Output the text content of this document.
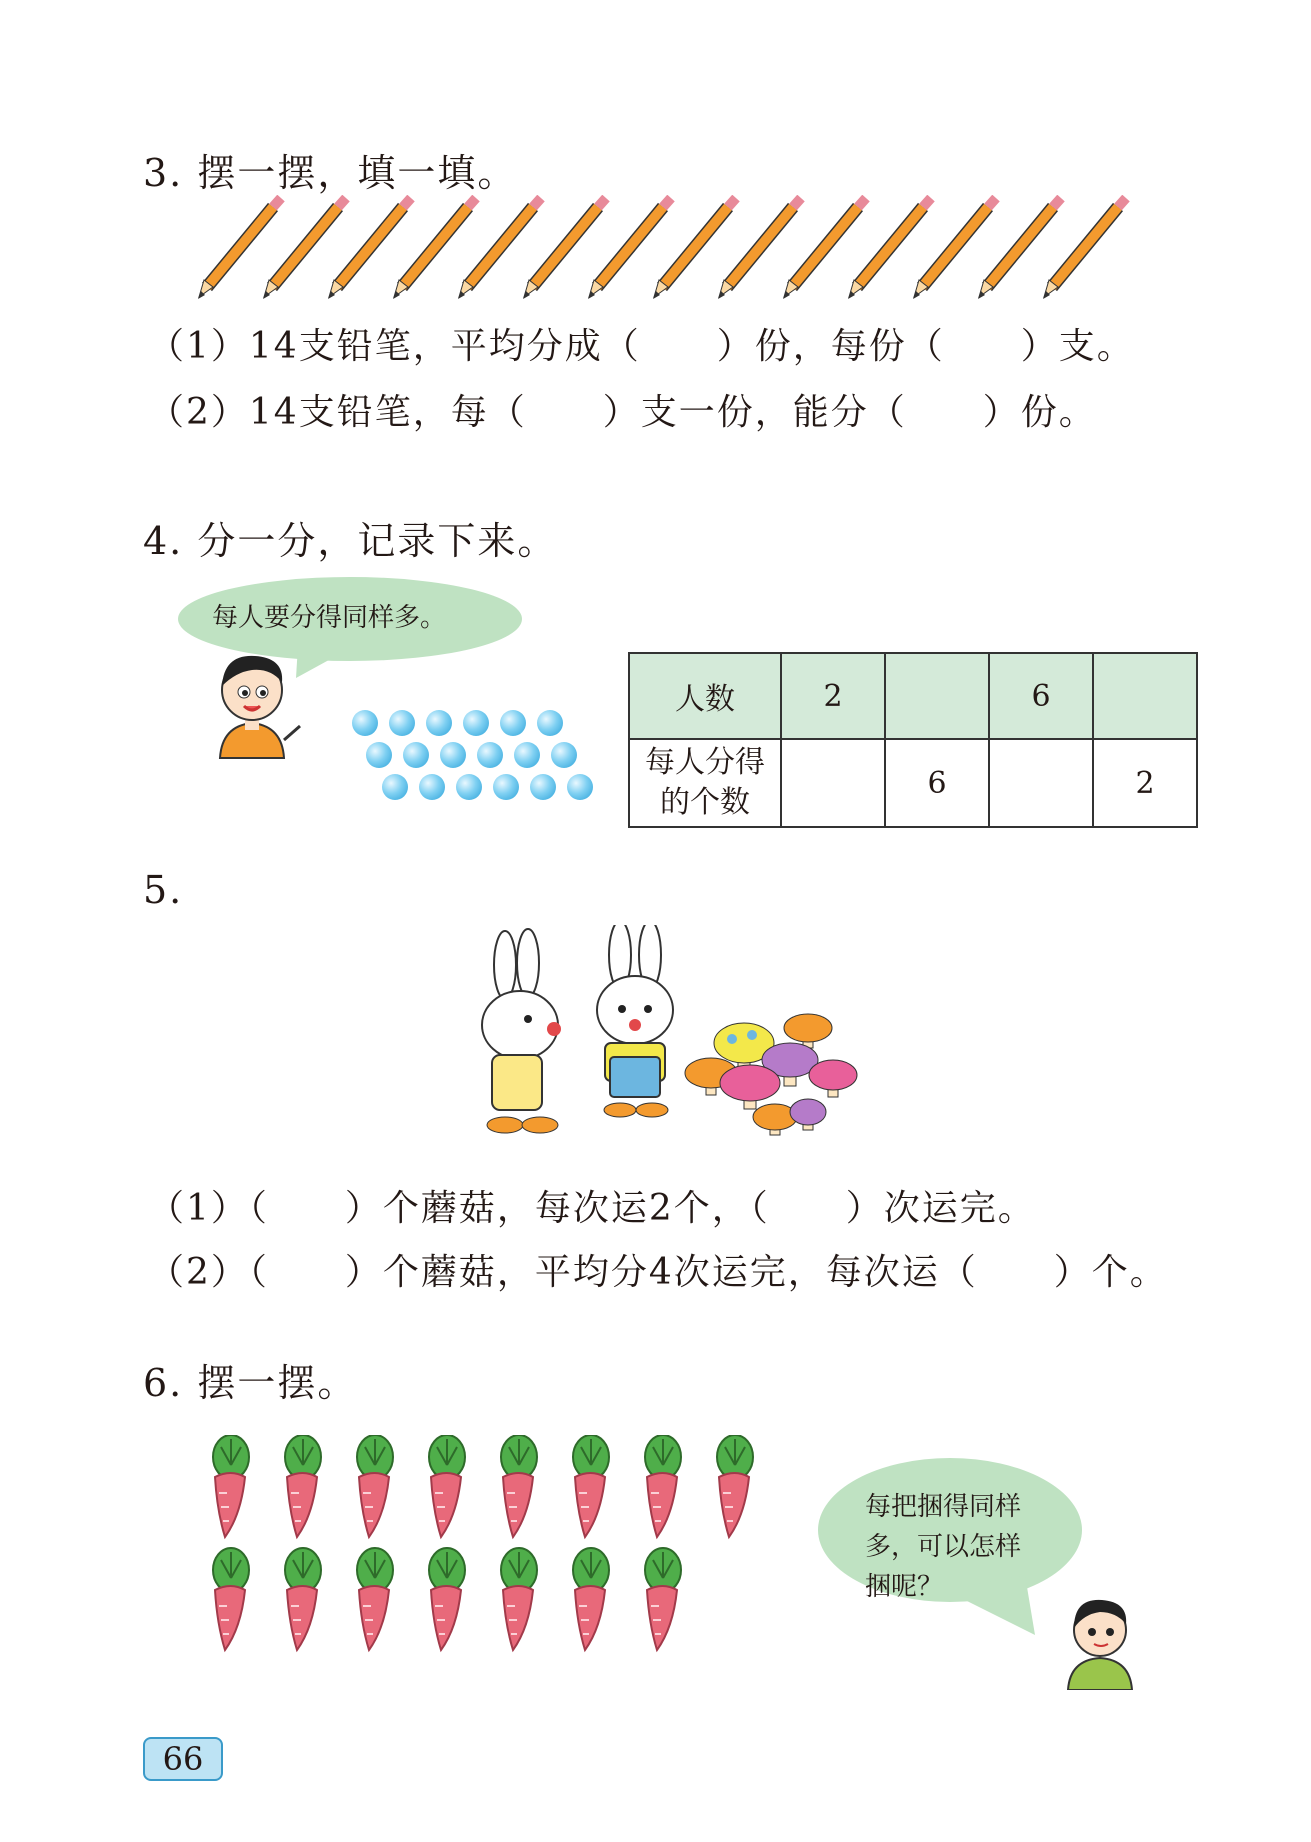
3. 摆一摆，填一填。
（1）14支铅笔，平均分成（　　）份，每份（　　）支。
（2）14支铅笔，每（　　）支一份，能分（　　）份。
4. 分一分，记录下来。
每人要分得同样多。
人数	2		6	

每人分得
的个数		6		2
5.
（1）（　　）个蘑菇，每次运2个，（　　）次运完。
（2）（　　）个蘑菇，平均分4次运完，每次运（　　）个。
6. 摆一摆。
每把捆得同样
多，可以怎样
捆呢？
66
